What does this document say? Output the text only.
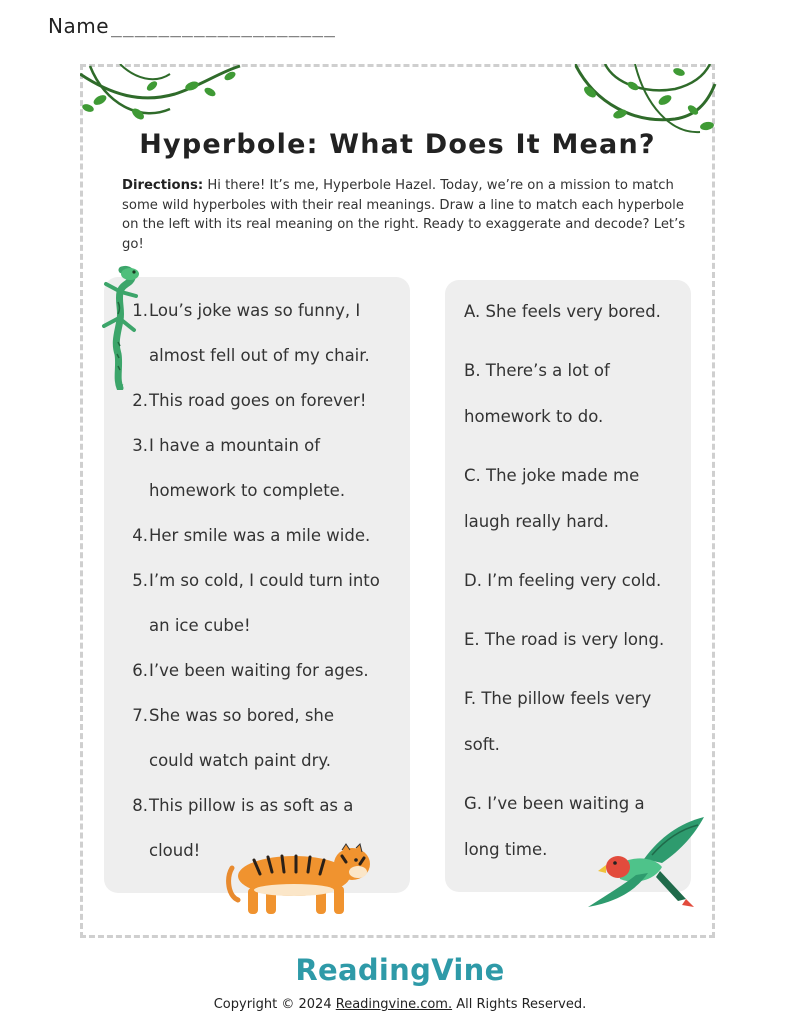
Name ___________________
Hyperbole: What Does It Mean?
Directions: Hi there! It’s me, Hyperbole Hazel. Today, we’re on a mission to match some wild hyperboles with their real meanings. Draw a line to match each hyperbole on the left with its real meaning on the right. Ready to exaggerate and decode? Let’s go!
1. Lou’s joke was so funny, I
almost fell out of my chair.
2. This road goes on forever!
3. I have a mountain of
homework to complete.
4. Her smile was a mile wide.
5. I’m so cold, I could turn into
an ice cube!
6. I’ve been waiting for ages.
7. She was so bored, she
could watch paint dry.
8. This pillow is as soft as a
cloud!
A. She feels very bored.
B. There’s a lot of
homework to do.
C. The joke made me
laugh really hard.
D. I’m feeling very cold.
E. The road is very long.
F. The pillow feels very
soft.
G. I’ve been waiting a
long time.
ReadingVine
Copyright © 2024 Readingvine.com. All Rights Reserved.
